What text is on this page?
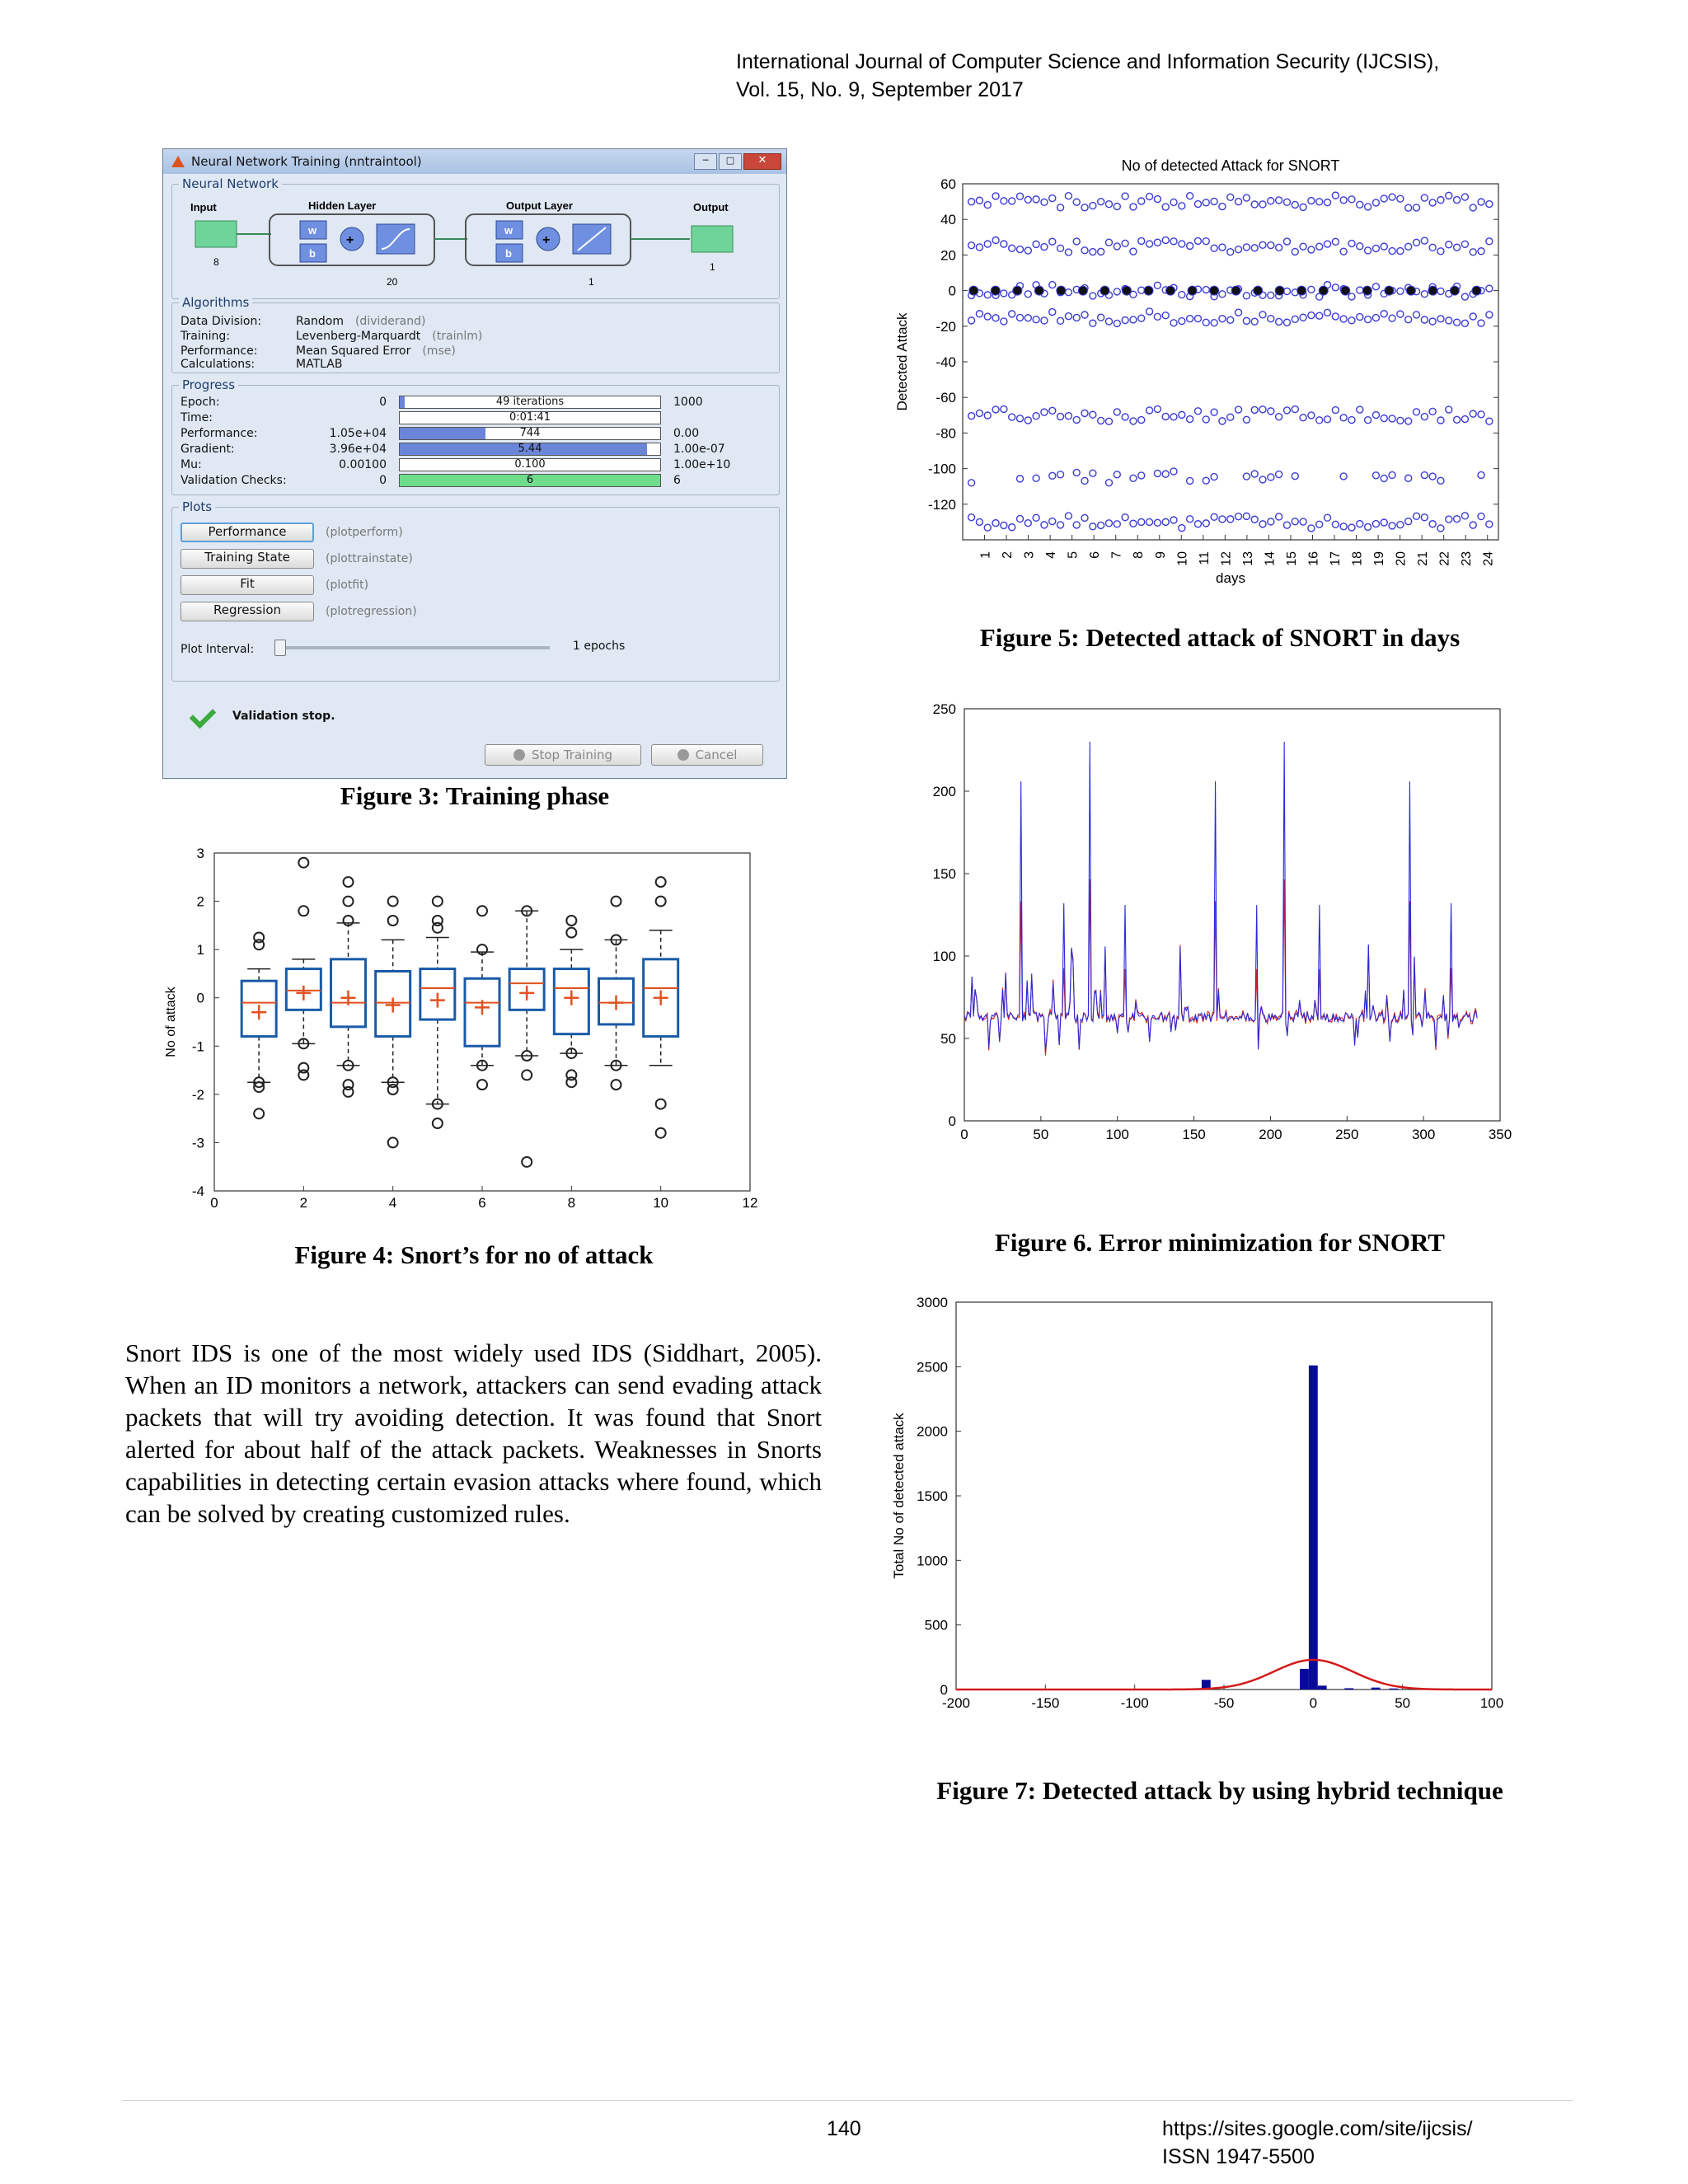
International Journal of Computer Science and Information Security (IJCSIS),
Vol. 15, No. 9, September 2017
Neural Network Training (nntraintool)	─	□	✕
Neural Network
Input
8
Hidden Layer
w
b
+
20
Output Layer
w
b
+
1
Output
1
Algorithms
Data Division:	Random (dividerand)
Training:	Levenberg-Marquardt (trainlm)
Performance:	Mean Squared Error (mse)
Calculations:	MATLAB
Progress
Epoch:	0	49 iterations	1000
Time:	0:01:41
Performance:	1.05e+04	744	0.00
Gradient:	3.96e+04	5.44	1.00e-07
Mu:	0.00100	0.100	1.00e+10
Validation Checks:	0	6	6
Plots
Performance	(plotperform)
Training State	(plottrainstate)
Fit	(plotfit)
Regression	(plotregression)
Plot Interval:	1 epochs
Validation stop.
Stop Training	Cancel
Figure 3: Training phase
0	2	4	6	8	10	12
-4
-3
-2
-1
0
1
2
3
No of attack
Figure 4: Snort’s for no of attack
Snort IDS is one of the most widely used IDS (Siddhart, 2005). When an ID monitors a network, attackers can send evading attack packets that will try avoiding detection. It was found that Snort alerted for about half of the attack packets. Weaknesses in Snorts capabilities in detecting certain evasion attacks where found, which can be solved by creating customized rules.
No of detected Attack for SNORT
60
40
20
0
-20
-40
-60
-80
-100
-120
1 2 3 4 5 6 7 8 9 10 11 12 13 14 15 16 17 18 19 20 21 22 23 24
days
Detected Attack
Figure 5: Detected attack of SNORT in days
0	50	100	150	200	250	300	350
0
50
100
150
200
250
Figure 6. Error minimization for SNORT
-200	-150	-100	-50	0	50	100
0
500
1000
1500
2000
2500
3000
Total No of detected attack
Figure 7: Detected attack by using hybrid technique
140	https://sites.google.com/site/ijcsis/
ISSN 1947-5500
